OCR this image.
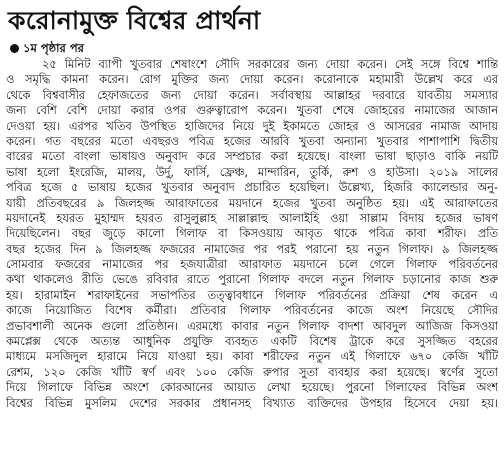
করোনামুক্ত বিশ্বের প্রার্থনা
১ম পৃষ্ঠার পর
২৫ মিনিট ব্যাপী খুতবার শেষাংশে সৌদি সরকারের জন্য দোয়া করেন। সেই সঙ্গে বিশ্বে শান্তি
ও সমৃদ্ধি কামনা করেন। রোগ মুক্তির জন্য দোয়া করেন। করোনাকে মহামারী উল্লেখ করে এর
থেকে বিশ্ববাসীর হেফাজতের জন্য দোয়া করেন। সর্বাবস্থায় আল্লাহর দরবারে যাবতীয় সমস্যার
জন্য বেশি বেশি দোয়া করার ওপর গুরুত্বারোপ করেন। খুতবা শেষে জোহরের নামাজের আজান
দেওয়া হয়। এরপর খতিব উপস্থিত হাজিদের নিয়ে দুই ইকামতে জোহর ও আসরের নামাজ আদায়
করেন। গত বছরের মতো এবছরও পবিত্র হজের আরবি খুতবা অন্যান্য খুতবার পাশাপাশি দ্বিতীয়
বারের মতো বাংলা ভাষায়ও অনুবাদ করে সম্প্রচার করা হয়েছে। বাংলা ভাষা ছাড়াও বাকি নয়টি
ভাষা হলো ইংরেজি, মালয়, উর্দু, ফার্সি, ফ্রেঞ্চ, মান্দারিন, তুর্কি, রুশ ও হাউসা। ২০১৯ সালের
পবিত্র হজে ৫ ভাষায় হজের খুতবার অনুবাদ প্রচারিত হয়েছিল। উল্লেখ্য, হিজরি ক্যালেন্ডার অনু-
যায়ী প্রতিবছরের ৯ জিলহজ্জ আরাফাতের ময়দানে হজের খুতবা অনুষ্ঠিত হয়। এই আরাফাতের
ময়দানেই হযরত মুহাম্মদ হযরত রাসুলুল্লাহ সাল্লাল্লাহু আলাইহি ওয়া সাল্লাম বিদায় হজের ভাষণ
দিয়েছিলেন। বছর জুড়ে কালো গিলাফ বা কিসওয়ায় আবৃত থাকে পবিত্র কাবা শরীফ। প্রতি
বছর হজের দিন ৯ জিলহজ্জ ফজরের নামাজের পর পরই পরানো হয় নতুন গিলাফ। ৯ জিলহজ্জ
সোমবার ফজরের নামাজের পর হজযাত্রীরা আরাফাত ময়দানে চলে গেলে গিলাফ পরিবর্তনের
কথা থাকলেও রীতি ভেঙে রবিবার রাতে পুরানো গিলাফ বদলে নতুন গিলাফ চড়ানোর কাজ শুরু
হয়। হারামাইন শরাফাইনের সভাপতির তত্ত্বাবধানে গিলাফ পরিবর্তনের প্রক্রিয়া শেষ করেন এ
কাজে নিয়োজিত বিশেষ কর্মীরা। প্রতিবার গিলাফ পরিবর্তনের কাজে অংশ নিয়েছে সৌদির
প্রভাবশালী অনেক গুলো প্রতিষ্ঠান। এরমধ্যে কাবার নতুন গিলাফ বাদশা আবদুল আজিজ কিসওয়া
কমপ্লেক্স থেকে অত্যন্ত আধুনিক প্রযুক্তি ব্যবহৃত একটি বিশেষ ট্রাকে করে সুসজ্জিত বহরের
মাধ্যমে মসজিদুল হারামে নিয়ে যাওয়া হয়। কাবা শরীফের নতুন এই গিলাফে ৬৭০ কেজি খাঁটি
রেশম, ১২০ কেজি খাঁটি স্বর্ণ এবং ১০০ কেজি রুপার সুতা ব্যবহার করা হয়েছে। স্বর্ণের সুতো
দিয়ে গিলাফে বিভিন্ন অংশে কোরআনের আয়াত লেখা হয়েছে। পুরনো গিলাফের বিভিন্ন অংশ
বিশ্বের বিভিন্ন মুসলিম দেশের সরকার প্রধানসহ বিখ্যাত ব্যক্তিদের উপহার হিসেবে দেয়া হয়।
